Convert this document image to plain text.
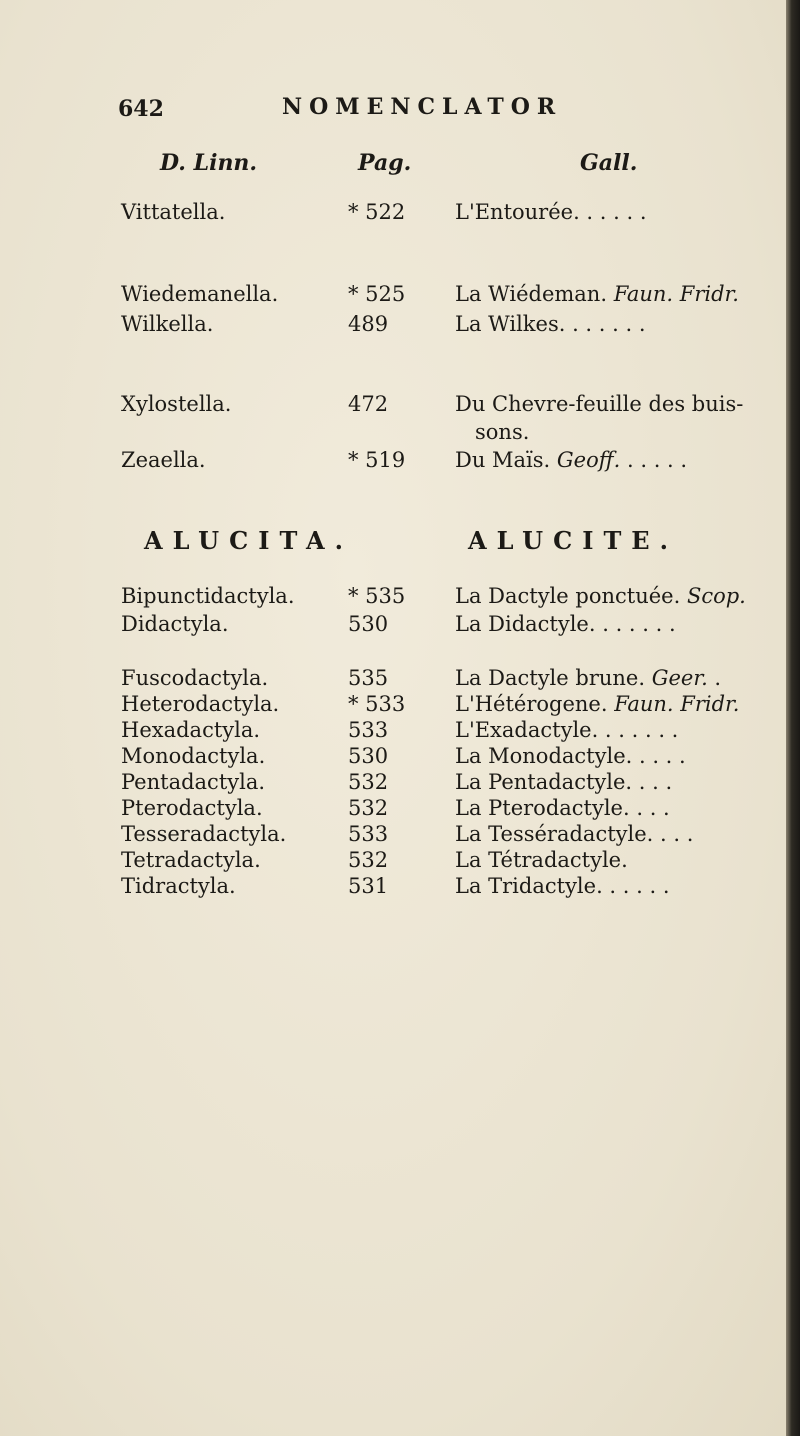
642	NOMENCLATOR
D. Linn.	Pag.	Gall.
Vittatella.	* 522 L'Entourée. . . . . .
Wiedemanella.	* 525 La Wiédeman. Faun. Fridr.
Wilkella.	489	La Wilkes. . . . . . .
Xylostella.	472	Du Chevre-feuille des buis-
sons.
Zeaella.	* 519 Du Maïs. Geoff. . . . . .
ALUCITA.	ALUCITE.
Bipunctidactyla.	* 535 La Dactyle ponctuée. Scop.
Didactyla.	530	La Didactyle. . . . . . .
Fuscodactyla.	535	La Dactyle brune. Geer. .
Heterodactyla.	* 533 L'Hétérogene. Faun. Fridr.
Hexadactyla.	533	L'Exadactyle. . . . . . .
Monodactyla.	530	La Monodactyle. . . . .
Pentadactyla.	532	La Pentadactyle. . . .
Pterodactyla.	532	La Pterodactyle. . . .
Tesseradactyla.	533	La Tesséradactyle. . . .
Tetradactyla.	532	La Tétradactyle.
Tidractyla.	531	La Tridactyle. . . . . .
